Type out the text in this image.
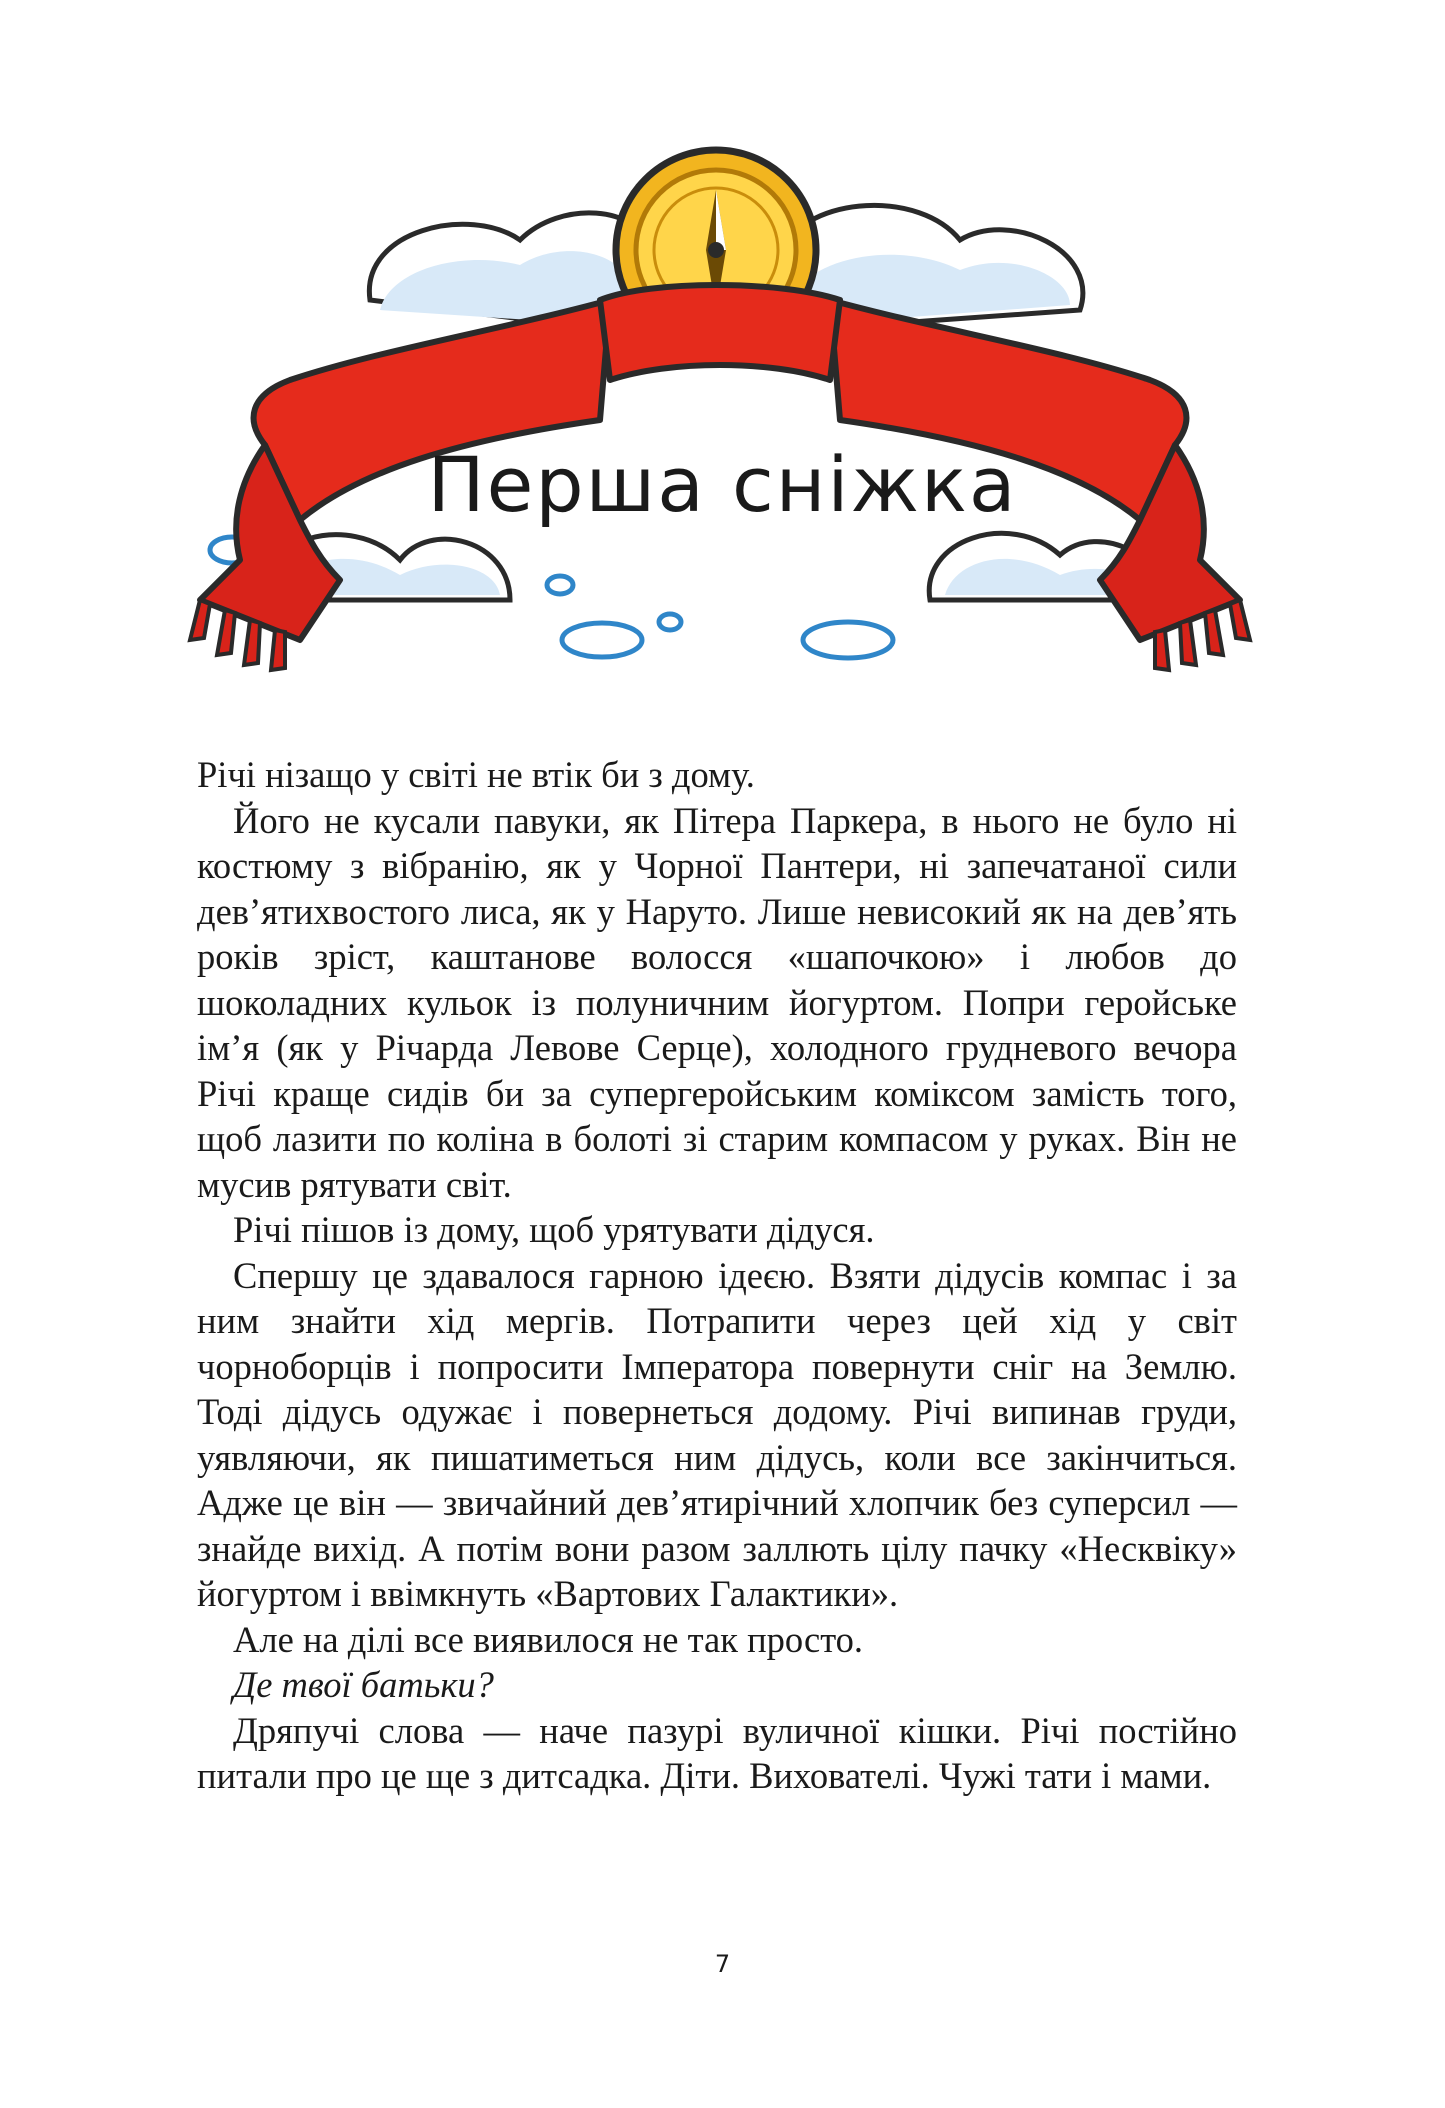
Перша сніжка

Річі нізащо у світі не втік би з дому.

Його не кусали павуки, як Пітера Паркера, в нього не було ні костюму з вібранію, як у Чорної Пантери, ні запечатаної сили дев’ятихвостого лиса, як у Наруто. Лише невисокий як на дев’ять років зріст, каштанове волосся «шапочкою» і любов до шоколадних кульок із полуничним йогуртом. Попри геройське ім’я (як у Річарда Левове Серце), холодного грудневого вечора Річі краще сидів би за супергеройським коміксом замість того, щоб лазити по коліна в болоті зі старим компасом у руках. Він не мусив рятувати світ.

Річі пішов із дому, щоб урятувати дідуся.

Спершу це здавалося гарною ідеєю. Взяти дідусів компас і за ним знайти хід мергів. Потрапити через цей хід у світ чорноборців і попросити Імператора повернути сніг на Землю. Тоді дідусь одужає і повернеться додому. Річі випинав груди, уявляючи, як пишатиметься ним дідусь, коли все закінчиться. Адже це він — звичайний дев’ятирічний хлопчик без суперсил — знайде вихід. А потім вони разом заллють цілу пачку «Несквіку» йогуртом і ввімкнуть «Вартових Галактики».

Але на ділі все виявилося не так просто.

Де твої батьки?

Дряпучі слова — наче пазурі вуличної кішки. Річі постійно питали про це ще з дитсадка. Діти. Вихователі. Чужі тати і мами.

7
